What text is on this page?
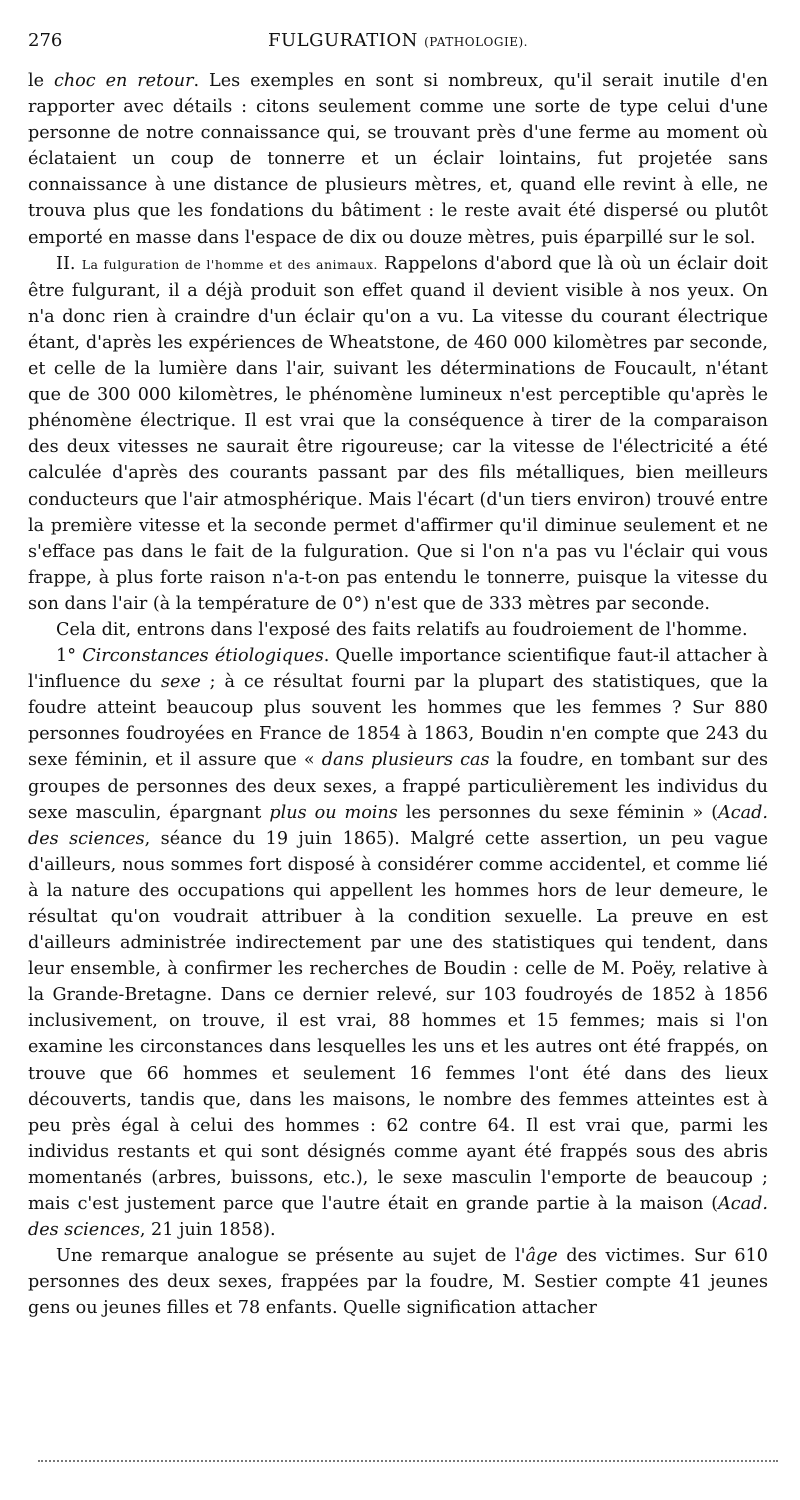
276	FULGURATION (PATHOLOGIE).

le choc en retour. Les exemples en sont si nombreux, qu'il serait inutile d'en rapporter avec détails : citons seulement comme une sorte de type celui d'une personne de notre connaissance qui, se trouvant près d'une ferme au moment où éclataient un coup de tonnerre et un éclair lointains, fut projetée sans connaissance à une distance de plusieurs mètres, et, quand elle revint à elle, ne trouva plus que les fondations du bâtiment : le reste avait été dispersé ou plutôt emporté en masse dans l'espace de dix ou douze mètres, puis éparpillé sur le sol.

II. La fulguration de l'homme et des animaux. Rappelons d'abord que là où un éclair doit être fulgurant, il a déjà produit son effet quand il devient visible à nos yeux. On n'a donc rien à craindre d'un éclair qu'on a vu. La vitesse du courant électrique étant, d'après les expériences de Wheatstone, de 460 000 kilomètres par seconde, et celle de la lumière dans l'air, suivant les déterminations de Foucault, n'étant que de 300 000 kilomètres, le phénomène lumineux n'est perceptible qu'après le phénomène électrique. Il est vrai que la conséquence à tirer de la comparaison des deux vitesses ne saurait être rigoureuse; car la vitesse de l'électricité a été calculée d'après des courants passant par des fils métalliques, bien meilleurs conducteurs que l'air atmosphérique. Mais l'écart (d'un tiers environ) trouvé entre la première vitesse et la seconde permet d'affirmer qu'il diminue seulement et ne s'efface pas dans le fait de la fulguration. Que si l'on n'a pas vu l'éclair qui vous frappe, à plus forte raison n'a-t-on pas entendu le tonnerre, puisque la vitesse du son dans l'air (à la température de 0°) n'est que de 333 mètres par seconde.

Cela dit, entrons dans l'exposé des faits relatifs au foudroiement de l'homme.

1° Circonstances étiologiques. Quelle importance scientifique faut-il attacher à l'influence du sexe ; à ce résultat fourni par la plupart des statistiques, que la foudre atteint beaucoup plus souvent les hommes que les femmes ? Sur 880 personnes foudroyées en France de 1854 à 1863, Boudin n'en compte que 243 du sexe féminin, et il assure que « dans plusieurs cas la foudre, en tombant sur des groupes de personnes des deux sexes, a frappé particulièrement les individus du sexe masculin, épargnant plus ou moins les personnes du sexe féminin » (Acad. des sciences, séance du 19 juin 1865). Malgré cette assertion, un peu vague d'ailleurs, nous sommes fort disposé à considérer comme accidentel, et comme lié à la nature des occupations qui appellent les hommes hors de leur demeure, le résultat qu'on voudrait attribuer à la condition sexuelle. La preuve en est d'ailleurs administrée indirectement par une des statistiques qui tendent, dans leur ensemble, à confirmer les recherches de Boudin : celle de M. Poëy, relative à la Grande-Bretagne. Dans ce dernier relevé, sur 103 foudroyés de 1852 à 1856 inclusivement, on trouve, il est vrai, 88 hommes et 15 femmes; mais si l'on examine les circonstances dans lesquelles les uns et les autres ont été frappés, on trouve que 66 hommes et seulement 16 femmes l'ont été dans des lieux découverts, tandis que, dans les maisons, le nombre des femmes atteintes est à peu près égal à celui des hommes : 62 contre 64. Il est vrai que, parmi les individus restants et qui sont désignés comme ayant été frappés sous des abris momentanés (arbres, buissons, etc.), le sexe masculin l'emporte de beaucoup ; mais c'est justement parce que l'autre était en grande partie à la maison (Acad. des sciences, 21 juin 1858).

Une remarque analogue se présente au sujet de l'âge des victimes. Sur 610 personnes des deux sexes, frappées par la foudre, M. Sestier compte 41 jeunes gens ou jeunes filles et 78 enfants. Quelle signification attacher
